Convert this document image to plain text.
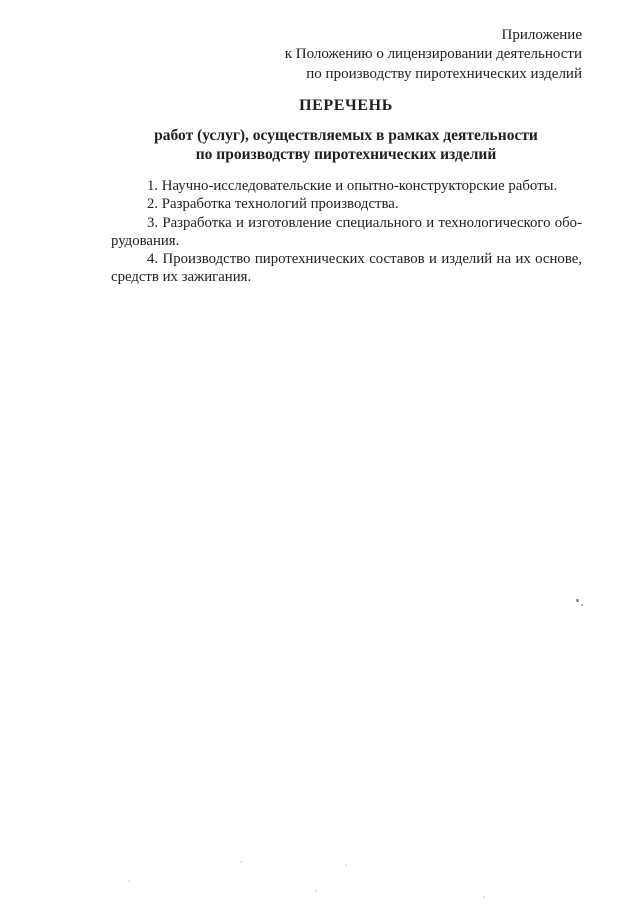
Приложение
к Положению о лицензировании деятельности
по производству пиротехнических изделий
ПЕРЕЧЕНЬ
работ (услуг), осуществляемых в рамках деятельности
по производству пиротехнических изделий
1. Научно-исследовательские и опытно-конструкторские работы.
2. Разработка технологий производства.
3. Разработка и изготовление специального и технологического обо-
рудования.
4. Производство пиротехнических составов и изделий на их основе,
средств их зажигания.
